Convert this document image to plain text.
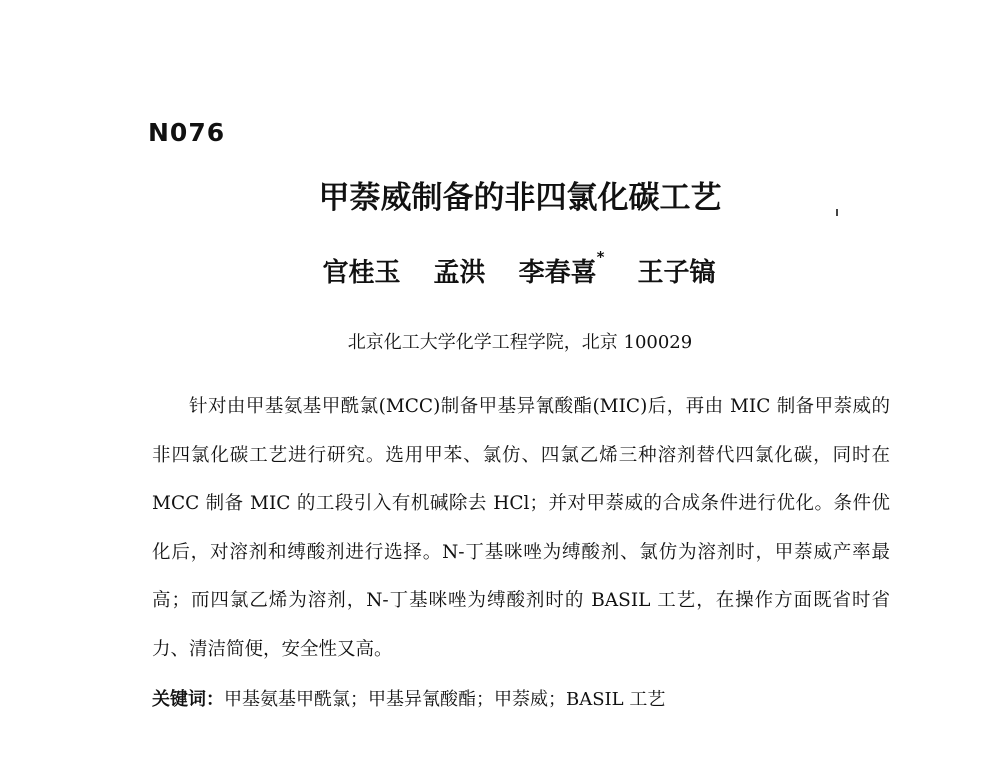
N076
甲萘威制备的非四氯化碳工艺
官桂玉 孟洪 李春喜* 王子镐
北京化工大学化学工程学院，北京 100029
针对由甲基氨基甲酰氯(MCC)制备甲基异氰酸酯(MIC)后，再由 MIC 制备甲萘威的非四氯化碳工艺进行研究。选用甲苯、氯仿、四氯乙烯三种溶剂替代四氯化碳，同时在 MCC 制备 MIC 的工段引入有机碱除去 HCl；并对甲萘威的合成条件进行优化。条件优化后，对溶剂和缚酸剂进行选择。N-丁基咪唑为缚酸剂、氯仿为溶剂时，甲萘威产率最高；而四氯乙烯为溶剂，N-丁基咪唑为缚酸剂时的 BASIL 工艺，在操作方面既省时省力、清洁简便，安全性又高。
关键词：甲基氨基甲酰氯；甲基异氰酸酯；甲萘威；BASIL 工艺
